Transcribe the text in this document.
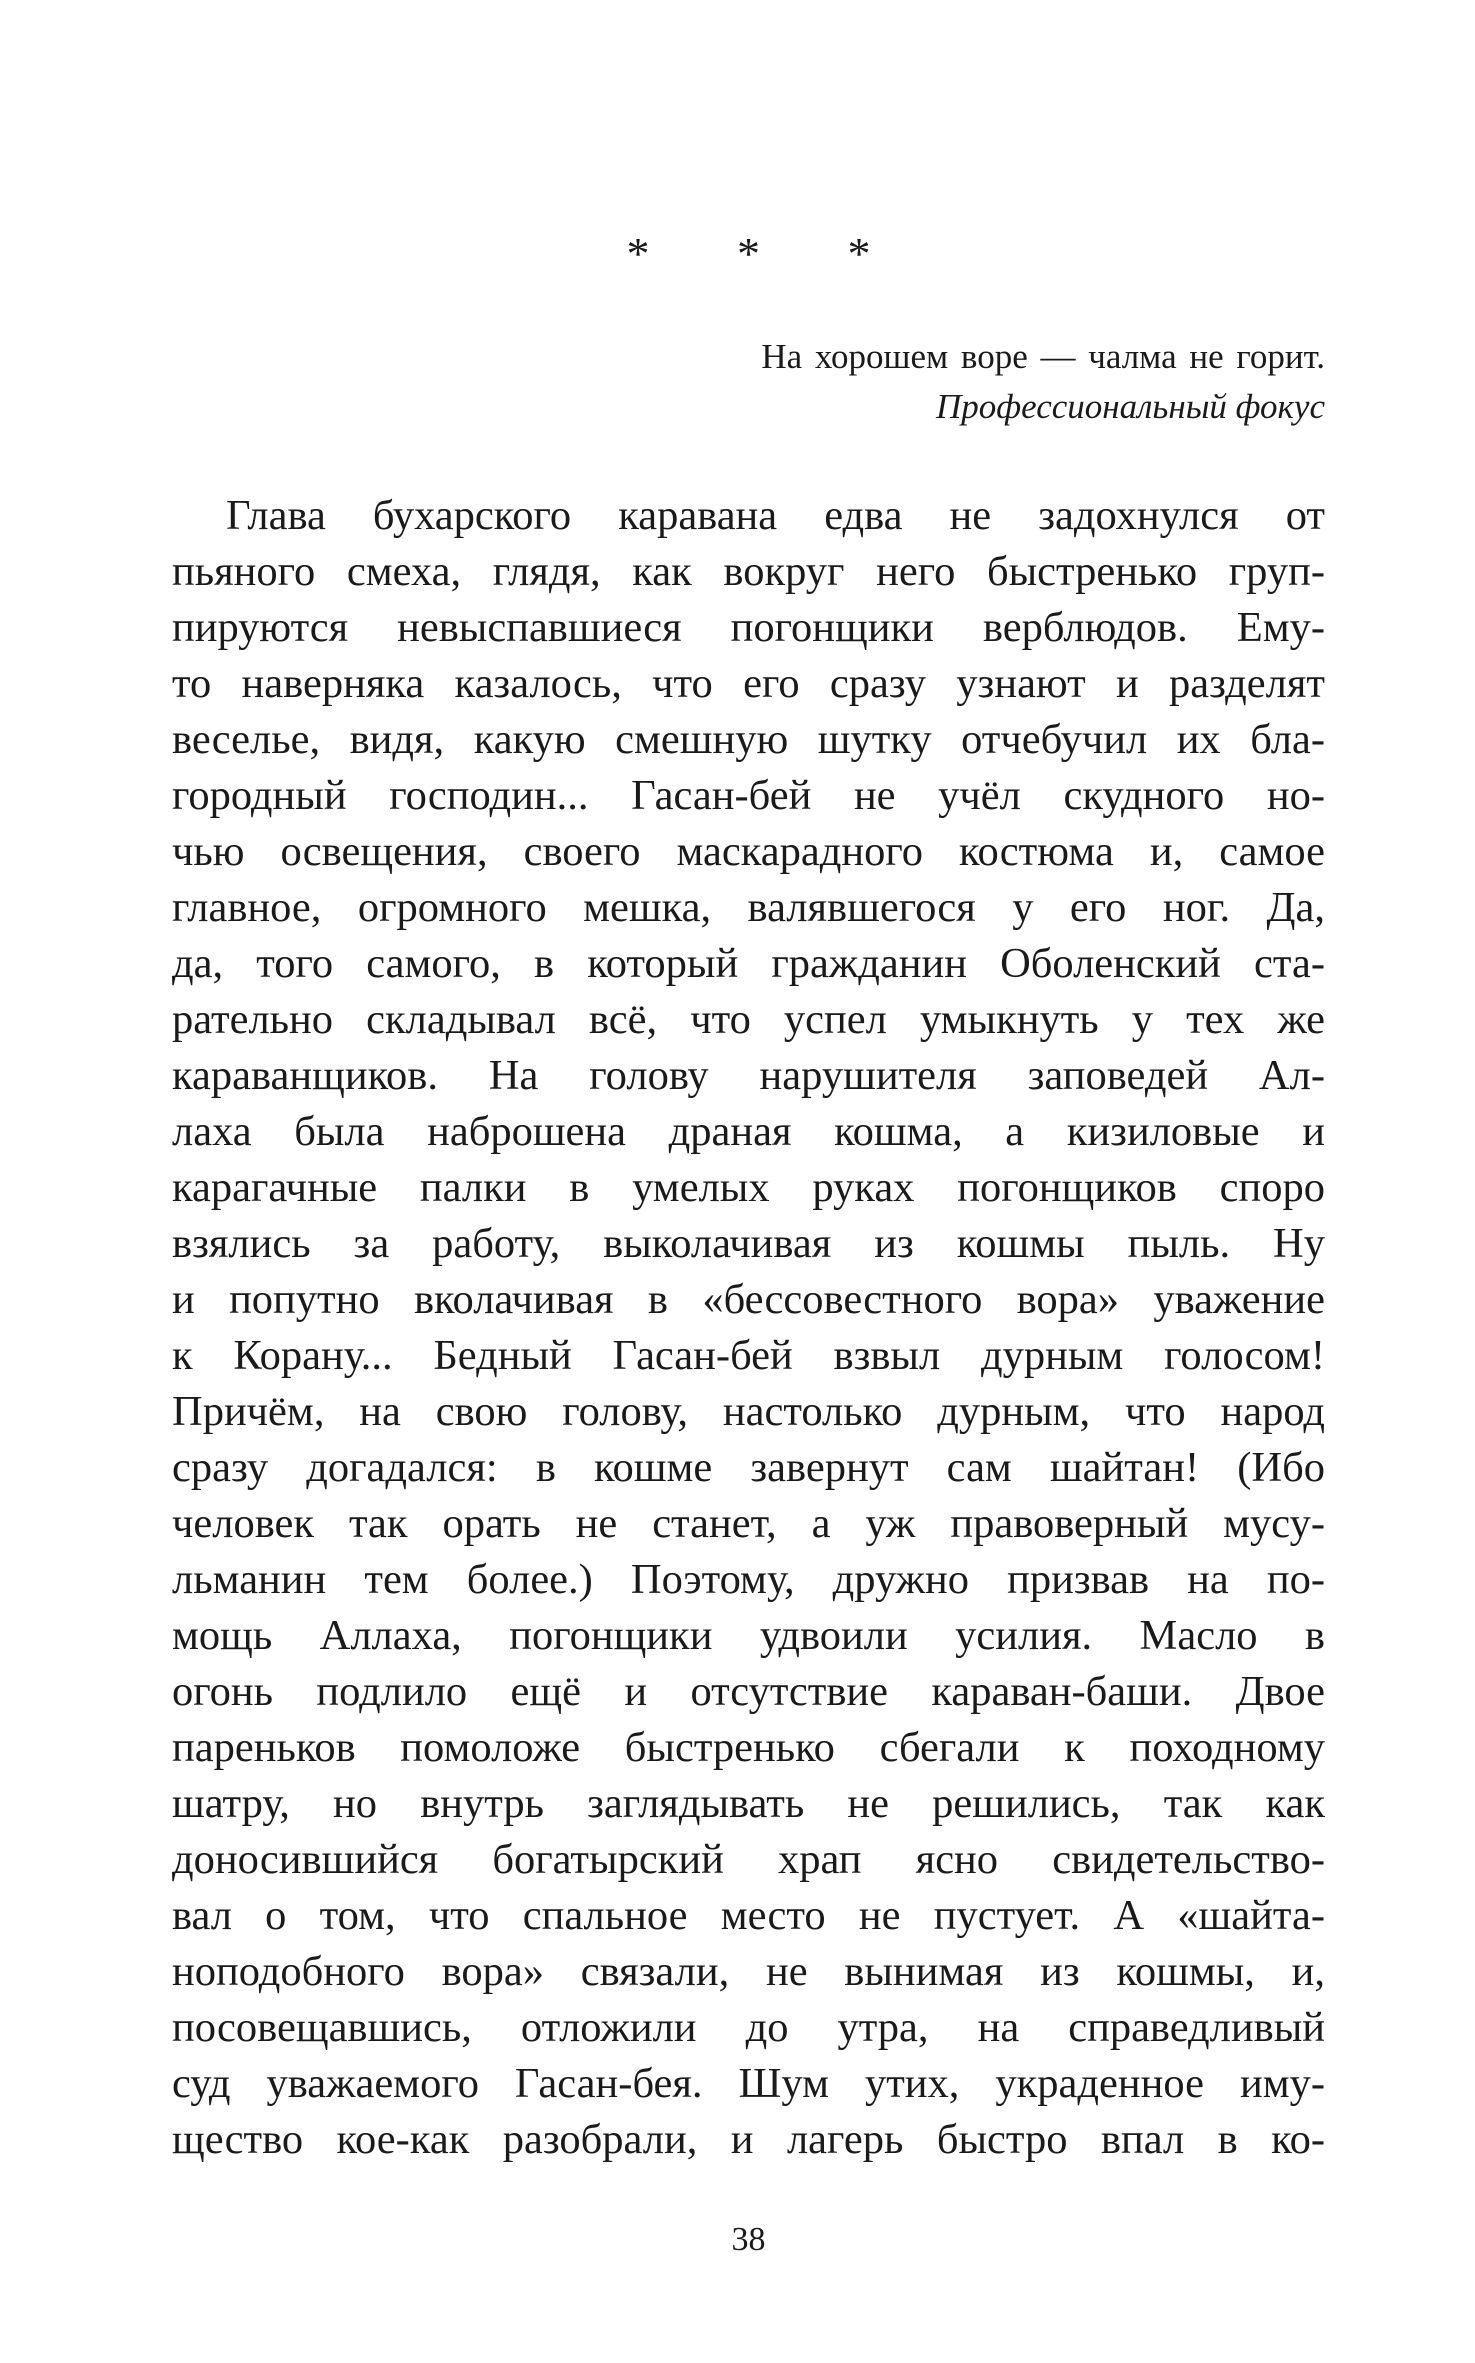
* * *
На хорошем воре — чалма не горит.
Профессиональный фокус
Глава бухарского каравана едва не задохнулся от
пьяного смеха, глядя, как вокруг него быстренько груп-
пируются невыспавшиеся погонщики верблюдов. Ему-
то наверняка казалось, что его сразу узнают и разделят
веселье, видя, какую смешную шутку отчебучил их бла-
городный господин... Гасан-бей не учёл скудного но-
чью освещения, своего маскарадного костюма и, самое
главное, огромного мешка, валявшегося у его ног. Да,
да, того самого, в который гражданин Оболенский ста-
рательно складывал всё, что успел умыкнуть у тех же
караванщиков. На голову нарушителя заповедей Ал-
лаха была наброшена драная кошма, а кизиловые и
карагачные палки в умелых руках погонщиков споро
взялись за работу, выколачивая из кошмы пыль. Ну
и попутно вколачивая в «бессовестного вора» уважение
к Корану... Бедный Гасан-бей взвыл дурным голосом!
Причём, на свою голову, настолько дурным, что народ
сразу догадался: в кошме завернут сам шайтан! (Ибо
человек так орать не станет, а уж правоверный мусу-
льманин тем более.) Поэтому, дружно призвав на по-
мощь Аллаха, погонщики удвоили усилия. Масло в
огонь подлило ещё и отсутствие караван-баши. Двое
пареньков помоложе быстренько сбегали к походному
шатру, но внутрь заглядывать не решились, так как
доносившийся богатырский храп ясно свидетельство-
вал о том, что спальное место не пустует. А «шайта-
ноподобного вора» связали, не вынимая из кошмы, и,
посовещавшись, отложили до утра, на справедливый
суд уважаемого Гасан-бея. Шум утих, украденное иму-
щество кое-как разобрали, и лагерь быстро впал в ко-
38
